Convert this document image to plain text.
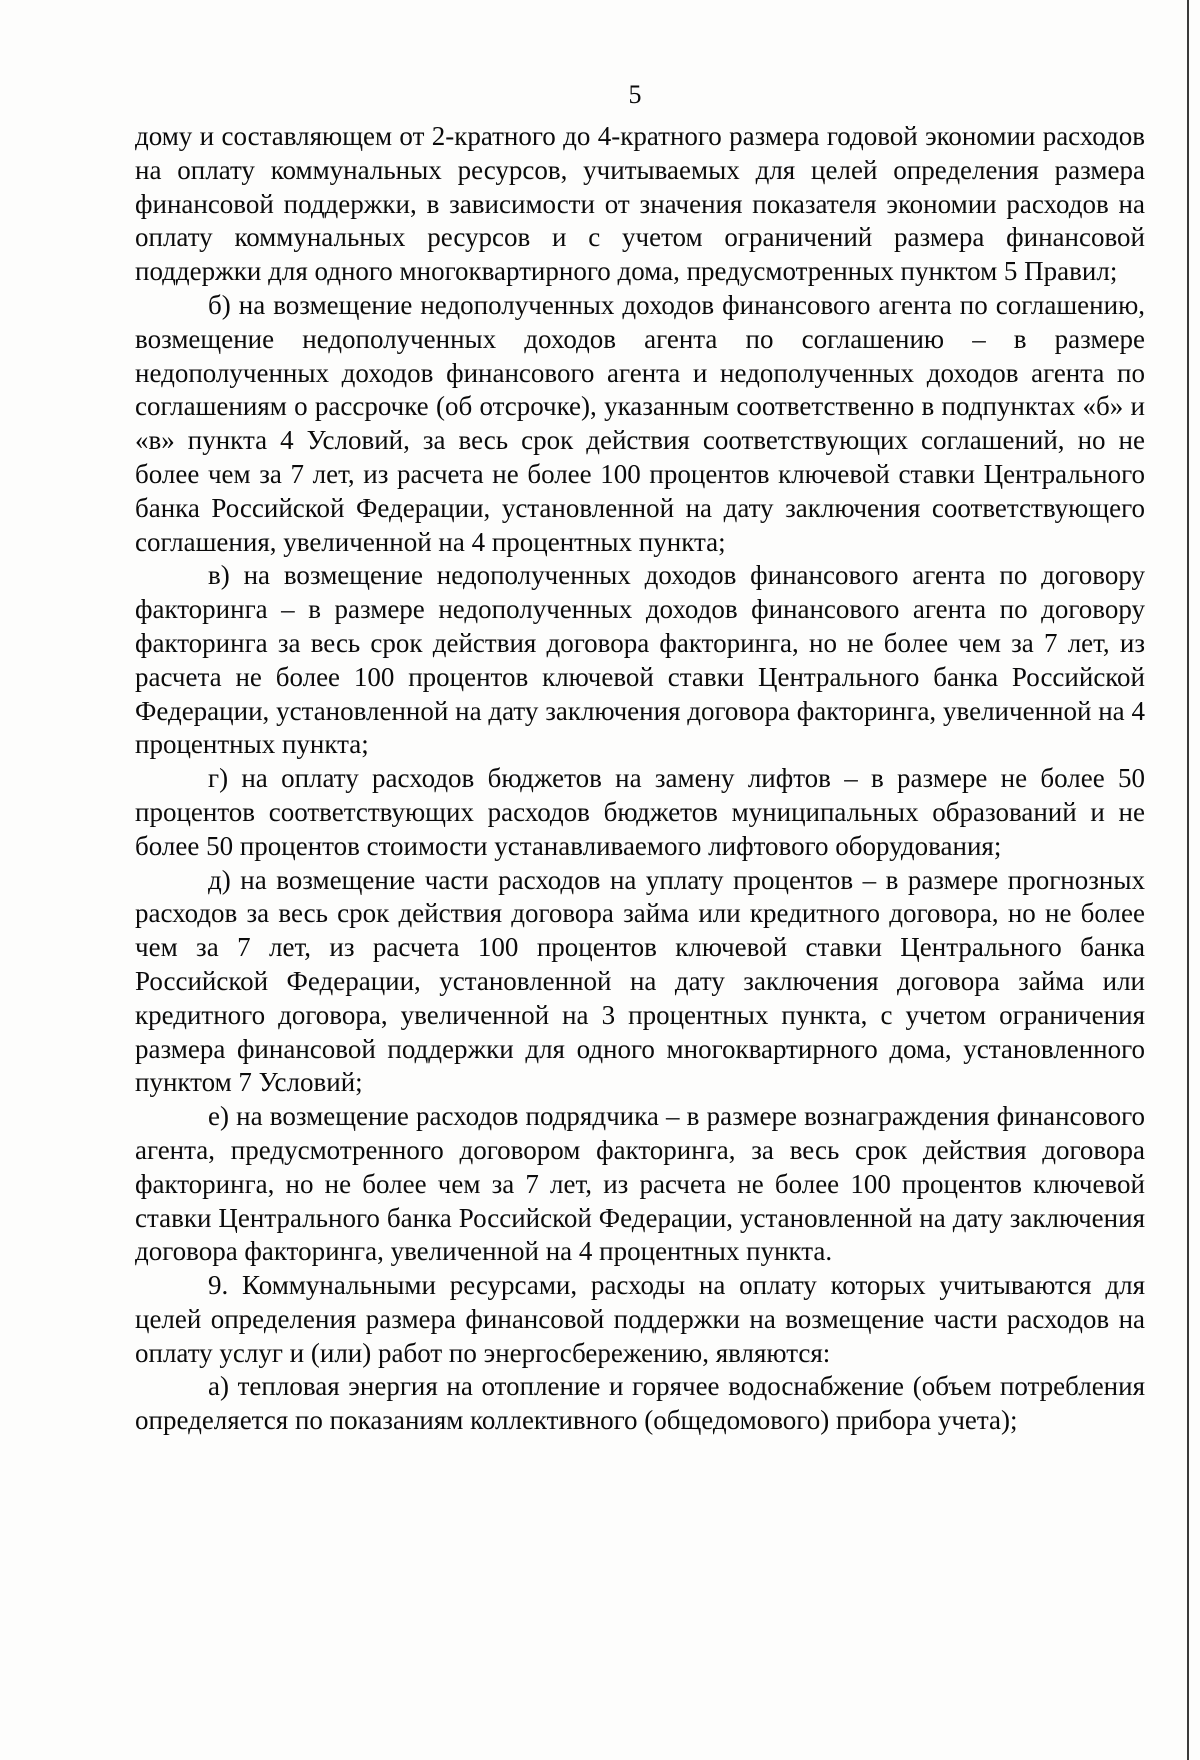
5

дому и составляющем от 2-кратного до 4-кратного размера годовой экономии расходов на оплату коммунальных ресурсов, учитываемых для целей определения размера финансовой поддержки, в зависимости от значения показателя экономии расходов на оплату коммунальных ресурсов и с учетом ограничений размера финансовой поддержки для одного многоквартирного дома, предусмотренных пунктом 5 Правил;

б) на возмещение недополученных доходов финансового агента по соглашению, возмещение недополученных доходов агента по соглашению – в размере недополученных доходов финансового агента и недополученных доходов агента по соглашениям о рассрочке (об отсрочке), указанным соответственно в подпунктах «б» и «в» пункта 4 Условий, за весь срок действия соответствующих соглашений, но не более чем за 7 лет, из расчета не более 100 процентов ключевой ставки Центрального банка Российской Федерации, установленной на дату заключения соответствующего соглашения, увеличенной на 4 процентных пункта;

в) на возмещение недополученных доходов финансового агента по договору факторинга – в размере недополученных доходов финансового агента по договору факторинга за весь срок действия договора факторинга, но не более чем за 7 лет, из расчета не более 100 процентов ключевой ставки Центрального банка Российской Федерации, установленной на дату заключения договора факторинга, увеличенной на 4 процентных пункта;

г) на оплату расходов бюджетов на замену лифтов – в размере не более 50 процентов соответствующих расходов бюджетов муниципальных образований и не более 50 процентов стоимости устанавливаемого лифтового оборудования;

д) на возмещение части расходов на уплату процентов – в размере прогнозных расходов за весь срок действия договора займа или кредитного договора, но не более чем за 7 лет, из расчета 100 процентов ключевой ставки Центрального банка Российской Федерации, установленной на дату заключения договора займа или кредитного договора, увеличенной на 3 процентных пункта, с учетом ограничения размера финансовой поддержки для одного многоквартирного дома, установленного пунктом 7 Условий;

е) на возмещение расходов подрядчика – в размере вознаграждения финансового агента, предусмотренного договором факторинга, за весь срок действия договора факторинга, но не более чем за 7 лет, из расчета не более 100 процентов ключевой ставки Центрального банка Российской Федерации, установленной на дату заключения договора факторинга, увеличенной на 4 процентных пункта.

9. Коммунальными ресурсами, расходы на оплату которых учитываются для целей определения размера финансовой поддержки на возмещение части расходов на оплату услуг и (или) работ по энергосбережению, являются:

а) тепловая энергия на отопление и горячее водоснабжение (объем потребления определяется по показаниям коллективного (общедомового) прибора учета);
